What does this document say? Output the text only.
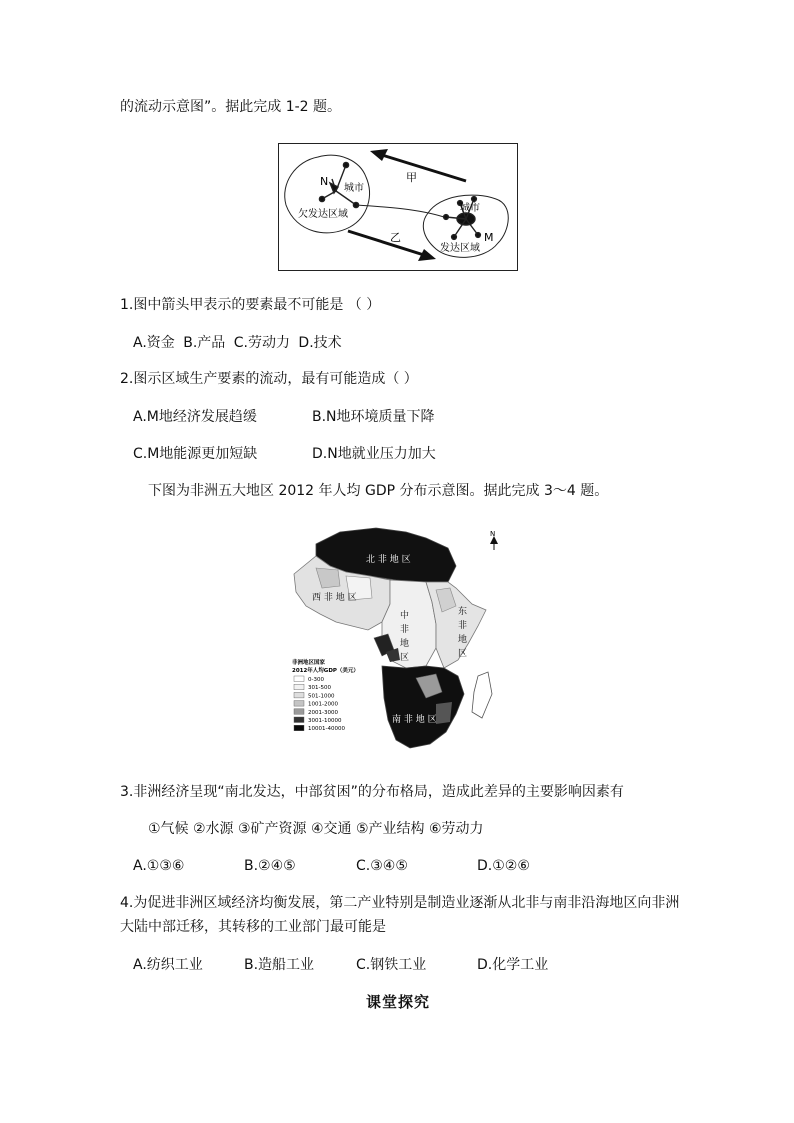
的流动示意图”。据此完成 1-2 题。
N
城市
欠发达区域
甲
乙
城市
M
发达区域
1.图中箭头甲表示的要素最不可能是 （ ）
A.资金 B.产品 C.劳动力 D.技术
2.图示区域生产要素的流动，最有可能造成（ ）
A.M地经济发展趋缓	B.N地环境质量下降
C.M地能源更加短缺	D.N地就业压力加大
下图为非洲五大地区 2012 年人均 GDP 分布示意图。据此完成 3～4 题。
北 非 地 区
西 非 地 区
中
非
地
区
东
非
地
区
南 非 地 区
N
非洲地区国家
2012年人均GDP（美元）
0-300
301-500
501-1000
1001-2000
2001-3000
3001-10000
10001-40000
3.非洲经济呈现“南北发达，中部贫困”的分布格局，造成此差异的主要影响因素有
①气候 ②水源 ③矿产资源 ④交通 ⑤产业结构 ⑥劳动力
A.①③⑥	B.②④⑤	C.③④⑤	D.①②⑥
4.为促进非洲区域经济均衡发展，第二产业特别是制造业逐渐从北非与南非沿海地区向非洲
大陆中部迁移，其转移的工业部门最可能是
A.纺织工业	B.造船工业	C.钢铁工业	D.化学工业
课堂探究
